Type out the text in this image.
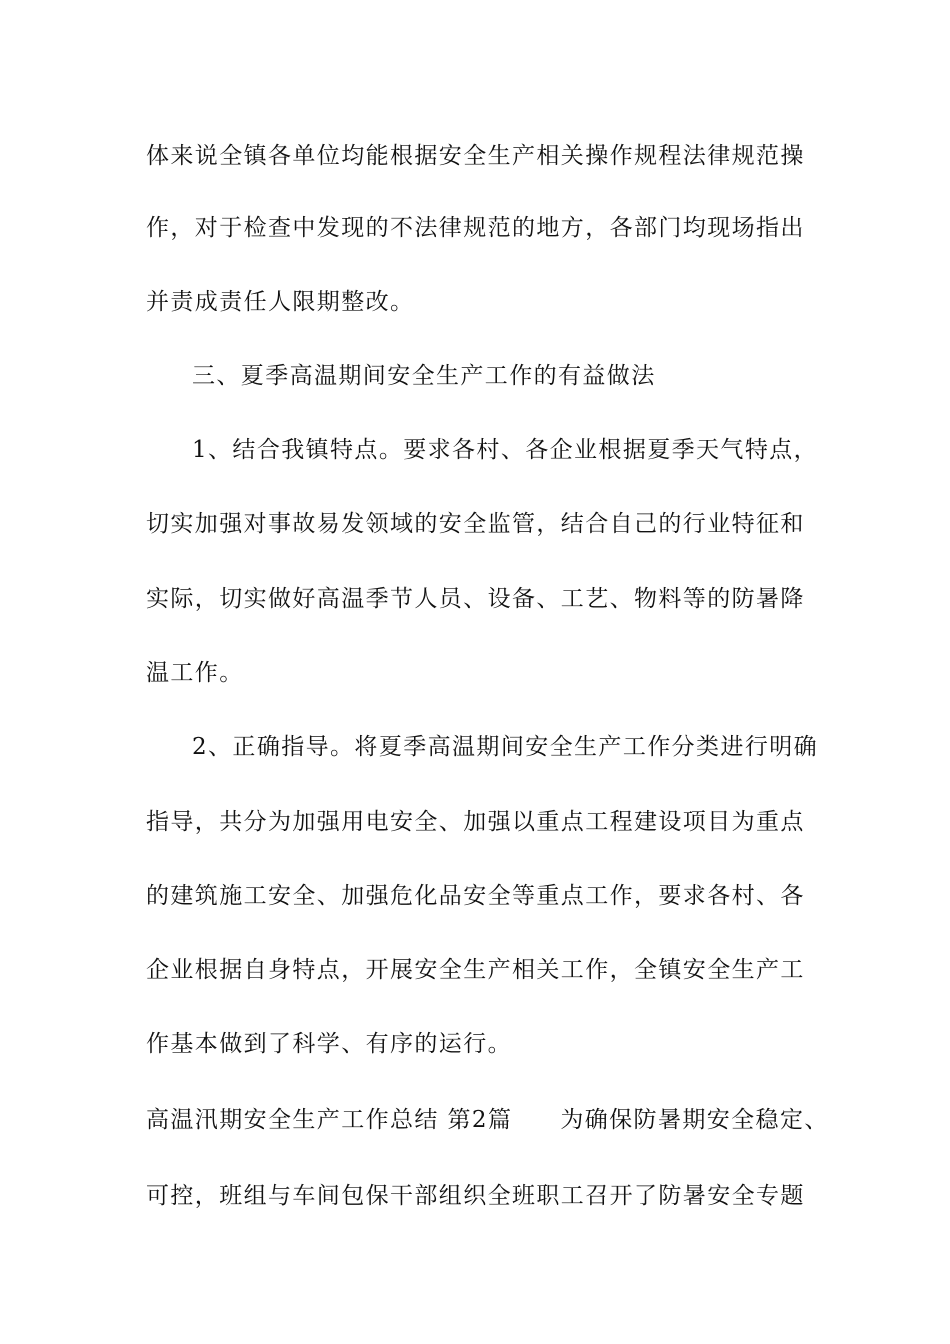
体来说全镇各单位均能根据安全生产相关操作规程法律规范操
作，对于检查中发现的不法律规范的地方，各部门均现场指出
并责成责任人限期整改。
三、夏季高温期间安全生产工作的有益做法
1、结合我镇特点。要求各村、各企业根据夏季天气特点，
切实加强对事故易发领域的安全监管，结合自己的行业特征和
实际，切实做好高温季节人员、设备、工艺、物料等的防暑降
温工作。
2、正确指导。将夏季高温期间安全生产工作分类进行明确
指导，共分为加强用电安全、加强以重点工程建设项目为重点
的建筑施工安全、加强危化品安全等重点工作，要求各村、各
企业根据自身特点，开展安全生产相关工作，全镇安全生产工
作基本做到了科学、有序的运行。
高温汛期安全生产工作总结 第2篇 为确保防暑期安全稳定、
可控，班组与车间包保干部组织全班职工召开了防暑安全专题
